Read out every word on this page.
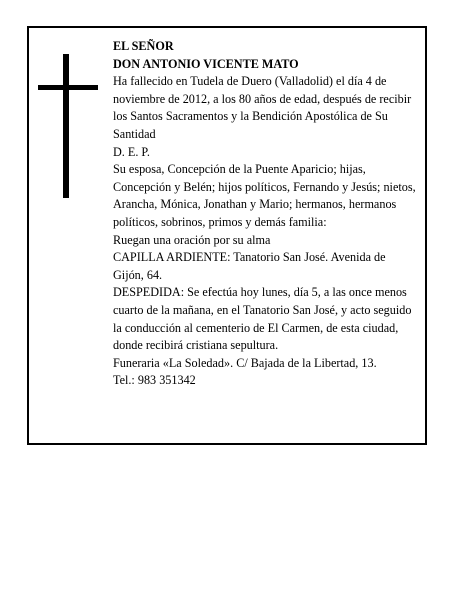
EL SEÑOR

DON ANTONIO VICENTE MATO

Ha fallecido en Tudela de Duero (Valladolid) el día 4 de noviembre de 2012, a los 80 años de edad, después de recibir los Santos Sacramentos y la Bendición Apostólica de Su Santidad

D. E. P.

Su esposa, Concepción de la Puente Aparicio; hijas, Concepción y Belén; hijos políticos, Fernando y Jesús; nietos, Arancha, Mónica, Jonathan y Mario; hermanos, hermanos políticos, sobrinos, primos y demás familia:

Ruegan una oración por su alma

CAPILLA ARDIENTE: Tanatorio San José. Avenida de Gijón, 64.

DESPEDIDA: Se efectúa hoy lunes, día 5, a las once menos cuarto de la mañana, en el Tanatorio San José, y acto seguido la conducción al cementerio de El Carmen, de esta ciudad, donde recibirá cristiana sepultura.

Funeraria «La Soledad». C/ Bajada de la Libertad, 13.

Tel.: 983 351342
